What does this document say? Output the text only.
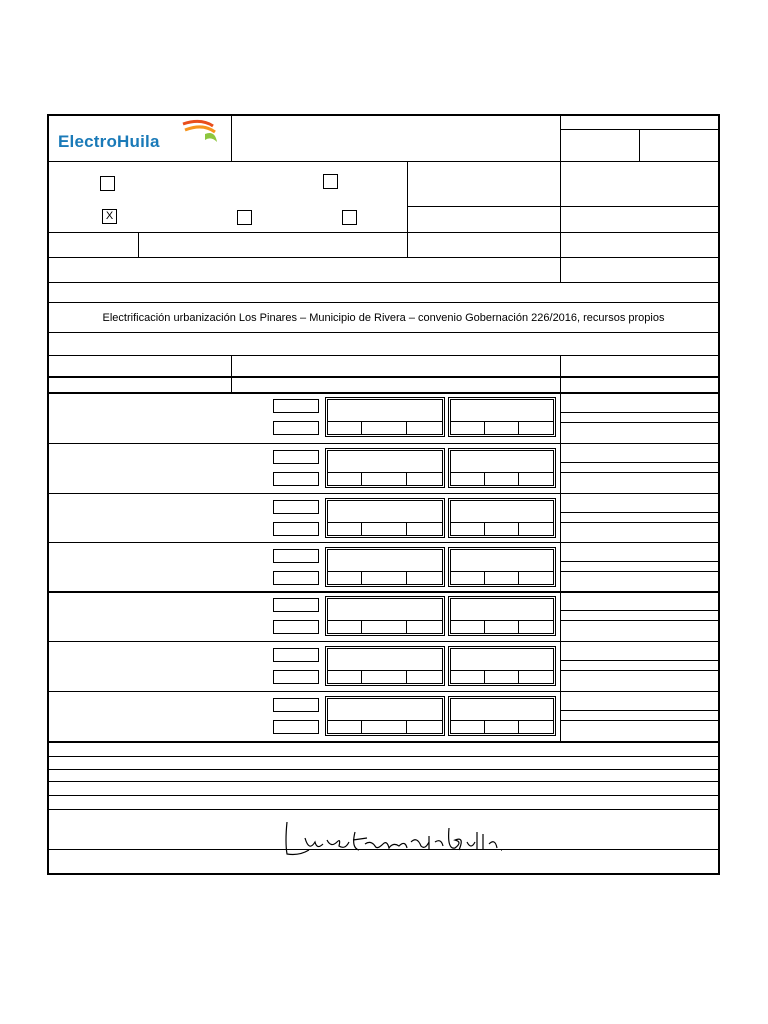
ElectroHuila
X
Electrificación urbanización Los Pinares – Municipio de Rivera – convenio Gobernación 226/2016, recursos propios
